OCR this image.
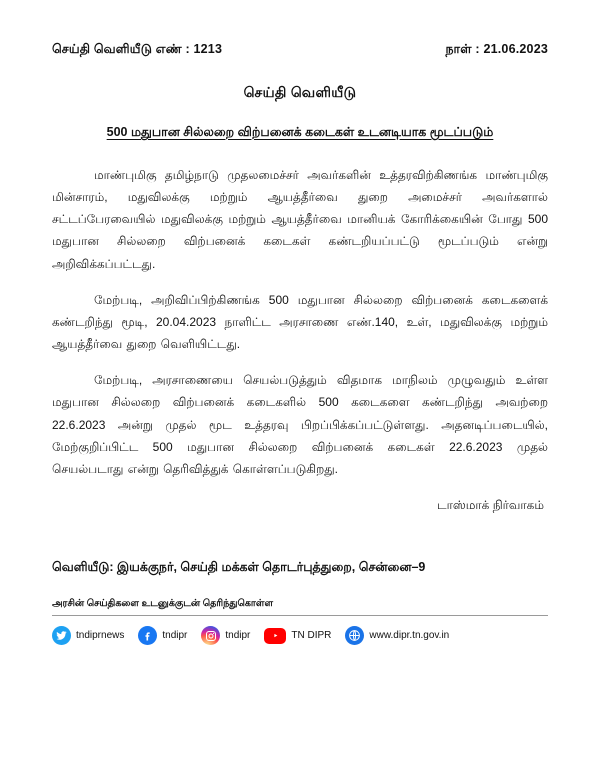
செய்தி வெளியீடு எண் : 1213	நாள் : 21.06.2023
செய்தி வெளியீடு
500 மதுபான சில்லறை விற்பனைக் கடைகள் உடனடியாக மூடப்படும்

மாண்புமிகு தமிழ்நாடு முதலமைச்சர் அவர்களின் உத்தரவிற்கிணங்க மாண்புமிகு மின்சாரம், மதுவிலக்கு மற்றும் ஆயத்தீர்வை துறை அமைச்சர் அவர்களால் சட்டப்பேரவையில் மதுவிலக்கு மற்றும் ஆயத்தீர்வை மானியக் கோரிக்கையின் போது 500 மதுபான சில்லறை விற்பனைக் கடைகள் கண்டறியப்பட்டு மூடப்படும் என்று அறிவிக்கப்பட்டது.

மேற்படி, அறிவிப்பிற்கிணங்க 500 மதுபான சில்லறை விற்பனைக் கடைகளைக் கண்டறிந்து மூடி, 20.04.2023 நாளிட்ட அரசாணை எண்.140, உள், மதுவிலக்கு மற்றும் ஆயத்தீர்வை துறை வெளியிட்டது.

மேற்படி, அரசாணையை செயல்படுத்தும் விதமாக மாநிலம் முழுவதும் உள்ள மதுபான சில்லறை விற்பனைக் கடைகளில் 500 கடைகளை கண்டறிந்து அவற்றை 22.6.2023 அன்று முதல் மூட உத்தரவு பிறப்பிக்கப்பட்டுள்ளது. அதனடிப்படையில், மேற்குறிப்பிட்ட 500 மதுபான சில்லறை விற்பனைக் கடைகள் 22.6.2023 முதல் செயல்படாது என்று தெரிவித்துக் கொள்ளப்படுகிறது.

டாஸ்மாக் நிர்வாகம்
வெளியீடு: இயக்குநர், செய்தி மக்கள் தொடர்புத்துறை, சென்னை–9
அரசின் செய்திகளை உடனுக்குடன் தெரிந்துகொள்ள
tndiprnews	tndipr	tndipr	TN DIPR	www.dipr.tn.gov.in
